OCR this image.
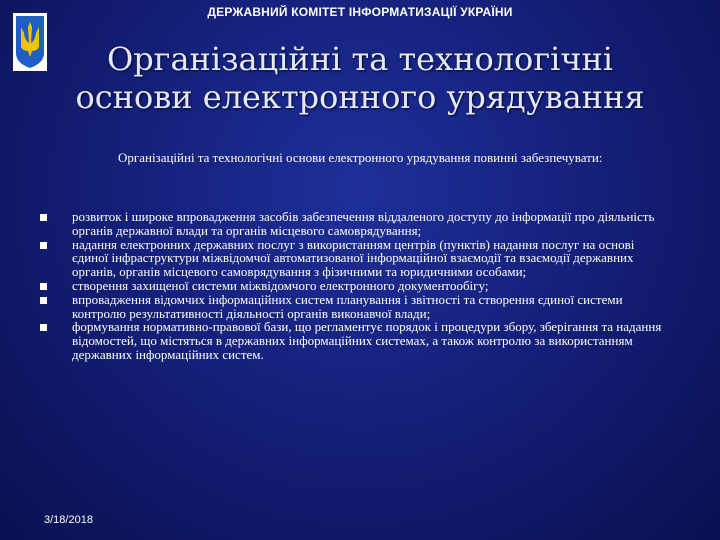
ДЕРЖАВНИЙ КОМІТЕТ ІНФОРМАТИЗАЦІЇ УКРАЇНИ
Організаційні та технологічні
основи електронного урядування
Організаційні та технологічні основи електронного урядування повинні забезпечувати:
розвиток і широке впровадження засобів забезпечення віддаленого доступу до інформації про діяльність органів державної влади та органів місцевого самоврядування;
надання електронних державних послуг з використанням центрів (пунктів) надання послуг на основі єдиної інфраструктури міжвідомчої автоматизованої інформаційної взаємодії та взаємодії державних органів, органів місцевого самоврядування з фізичними та юридичними особами;
створення захищеної системи міжвідомчого електронного документообігу;
впровадження відомчих інформаційних систем планування і звітності та створення єдиної системи контролю результативності діяльності органів виконавчої влади;
формування нормативно-правової бази, що регламентує порядок і процедури збору, зберігання та надання відомостей, що містяться в державних інформаційних системах, а також контролю за використанням державних інформаційних систем.
3/18/2018
